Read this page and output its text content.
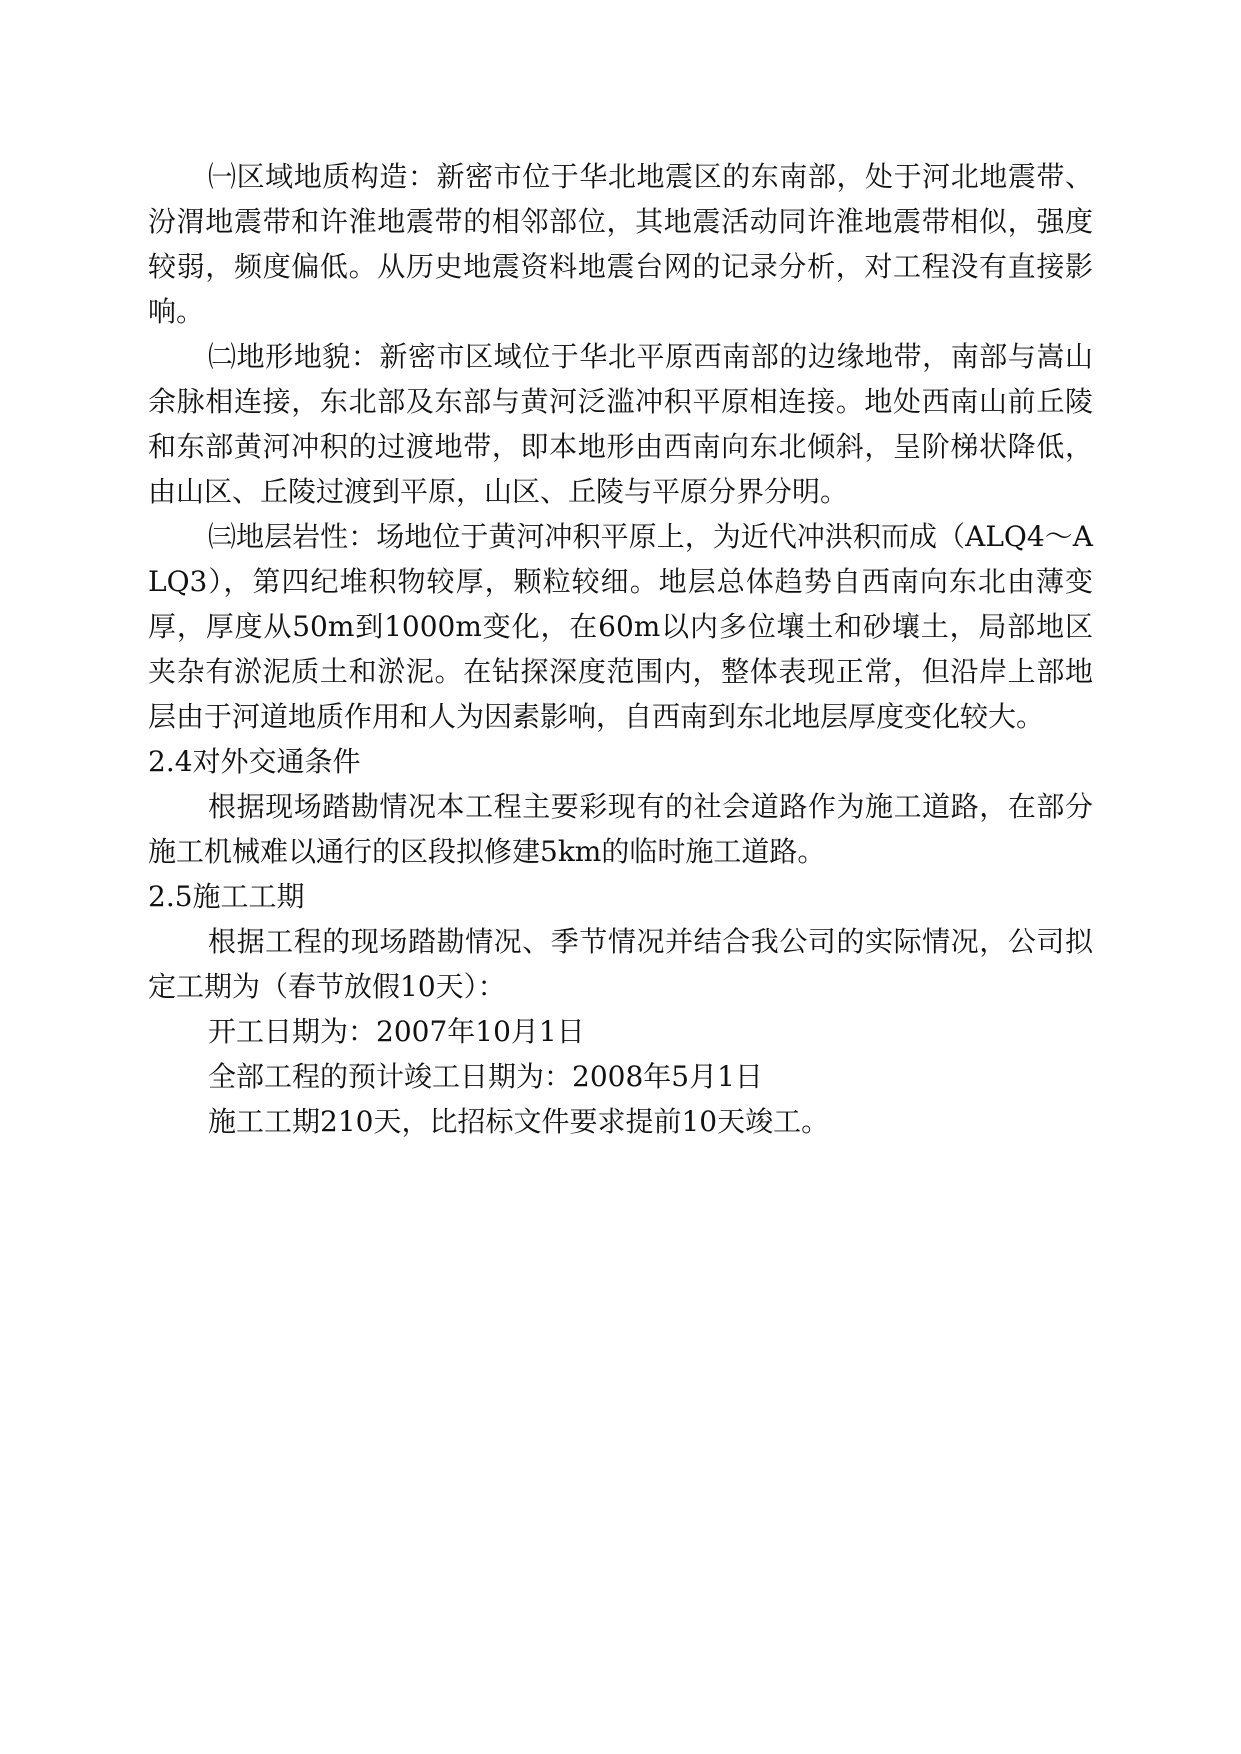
㈠区域地质构造：新密市位于华北地震区的东南部，处于河北地震带、汾渭地震带和许淮地震带的相邻部位，其地震活动同许淮地震带相似，强度较弱，频度偏低。从历史地震资料地震台网的记录分析，对工程没有直接影响。

㈡地形地貌：新密市区域位于华北平原西南部的边缘地带，南部与嵩山余脉相连接，东北部及东部与黄河泛滥冲积平原相连接。地处西南山前丘陵和东部黄河冲积的过渡地带，即本地形由西南向东北倾斜，呈阶梯状降低，由山区、丘陵过渡到平原，山区、丘陵与平原分界分明。

㈢地层岩性：场地位于黄河冲积平原上，为近代冲洪积而成（ALQ4～ALQ3），第四纪堆积物较厚，颗粒较细。地层总体趋势自西南向东北由薄变厚，厚度从50m到1000m变化，在60m以内多位壤土和砂壤土，局部地区夹杂有淤泥质土和淤泥。在钻探深度范围内，整体表现正常，但沿岸上部地层由于河道地质作用和人为因素影响，自西南到东北地层厚度变化较大。

2.4对外交通条件

根据现场踏勘情况本工程主要彩现有的社会道路作为施工道路，在部分施工机械难以通行的区段拟修建5km的临时施工道路。

2.5施工工期

根据工程的现场踏勘情况、季节情况并结合我公司的实际情况，公司拟定工期为（春节放假10天）：

开工日期为：2007年10月1日

全部工程的预计竣工日期为：2008年5月1日

施工工期210天，比招标文件要求提前10天竣工。
